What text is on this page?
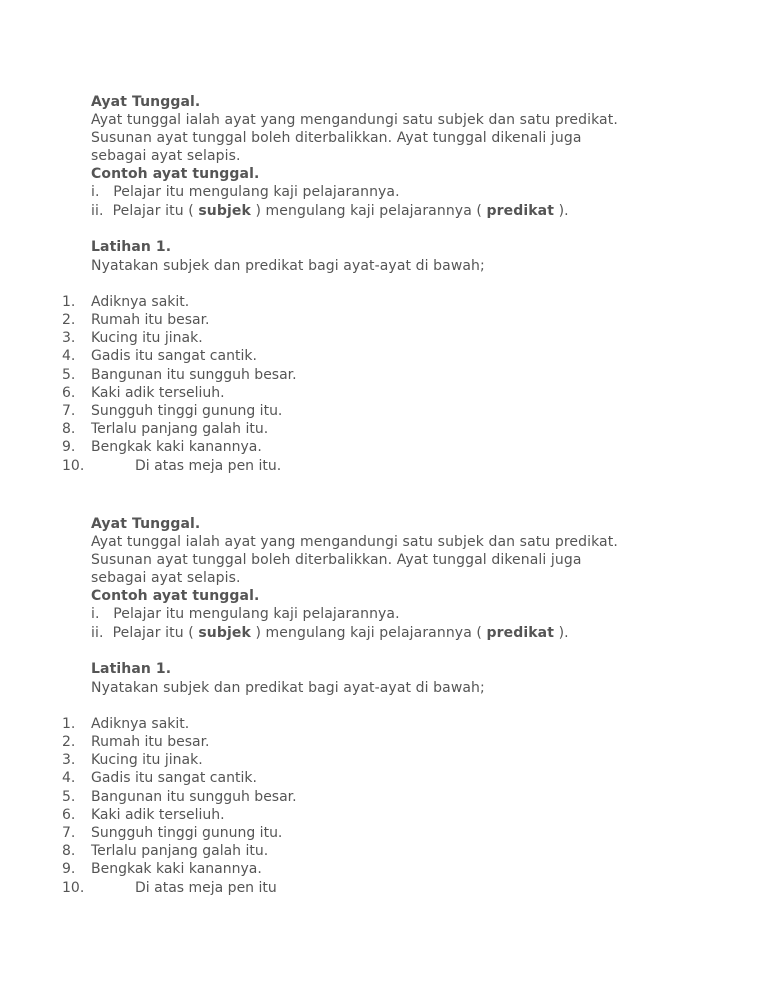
Ayat Tunggal.
Ayat tunggal ialah ayat yang mengandungi satu subjek dan satu predikat.
Susunan ayat tunggal boleh diterbalikkan. Ayat tunggal dikenali juga
sebagai ayat selapis.
Contoh ayat tunggal.
i.   Pelajar itu mengulang kaji pelajarannya.
ii.  Pelajar itu ( subjek ) mengulang kaji pelajarannya ( predikat ).
Latihan 1.
Nyatakan subjek dan predikat bagi ayat-ayat di bawah;
1. Adiknya sakit.
2. Rumah itu besar.
3. Kucing itu jinak.
4. Gadis itu sangat cantik.
5. Bangunan itu sungguh besar.
6. Kaki adik terseliuh.
7. Sungguh tinggi gunung itu.
8. Terlalu panjang galah itu.
9. Bengkak kaki kanannya.
10.	Di atas meja pen itu.
Ayat Tunggal.
Ayat tunggal ialah ayat yang mengandungi satu subjek dan satu predikat.
Susunan ayat tunggal boleh diterbalikkan. Ayat tunggal dikenali juga
sebagai ayat selapis.
Contoh ayat tunggal.
i.   Pelajar itu mengulang kaji pelajarannya.
ii.  Pelajar itu ( subjek ) mengulang kaji pelajarannya ( predikat ).
Latihan 1.
Nyatakan subjek dan predikat bagi ayat-ayat di bawah;
1. Adiknya sakit.
2. Rumah itu besar.
3. Kucing itu jinak.
4. Gadis itu sangat cantik.
5. Bangunan itu sungguh besar.
6. Kaki adik terseliuh.
7. Sungguh tinggi gunung itu.
8. Terlalu panjang galah itu.
9. Bengkak kaki kanannya.
10.	Di atas meja pen itu
